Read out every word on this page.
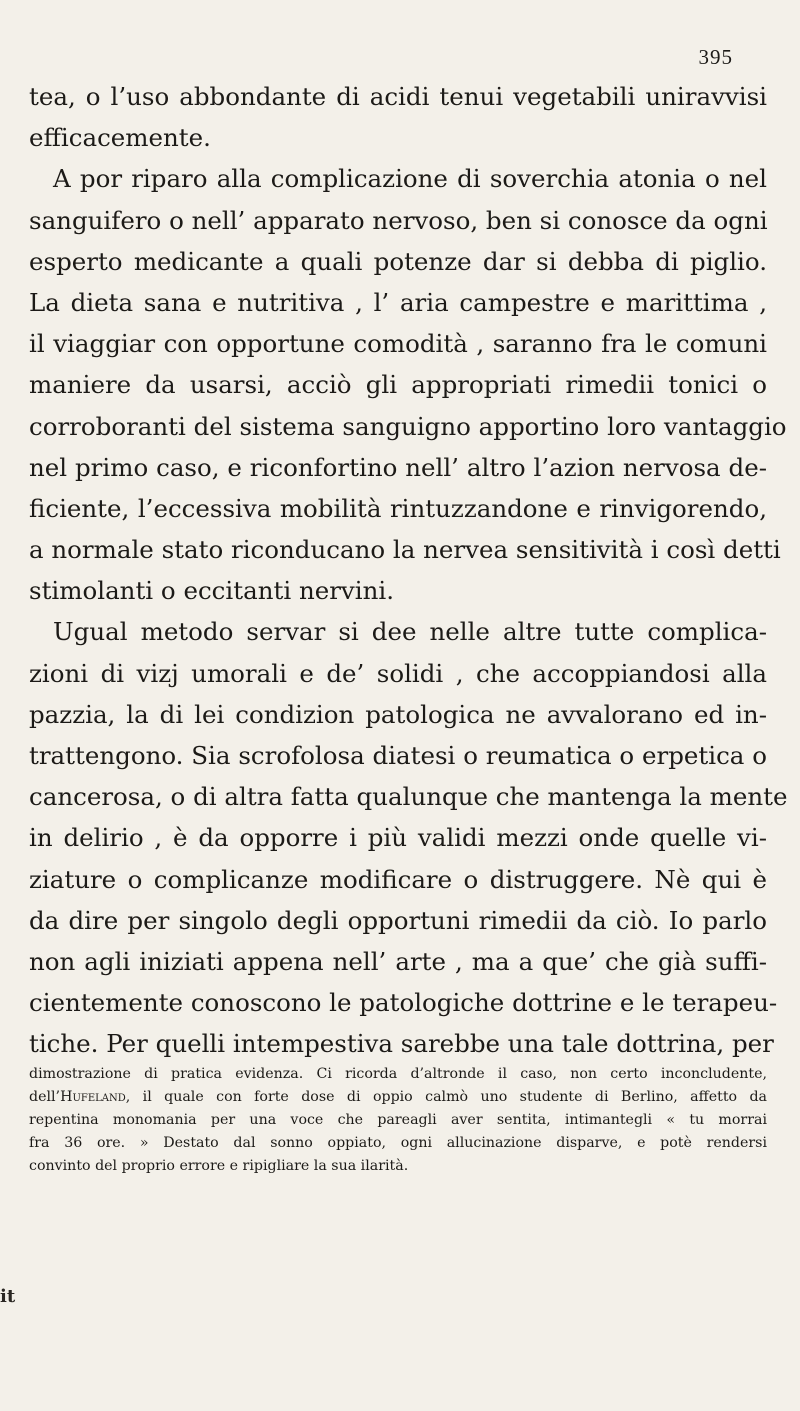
395
tea, o l’uso abbondante di acidi tenui vegetabili uniravvisi
efficacemente.
A por riparo alla complicazione di soverchia atonia o nel
sanguifero o nell’ apparato nervoso, ben si conosce da ogni
esperto medicante a quali potenze dar si debba di piglio.
La dieta sana e nutritiva , l’ aria campestre e marittima ,
il viaggiar con opportune comodità , saranno fra le comuni
maniere da usarsi, acciò gli appropriati rimedii tonici o
corroboranti del sistema sanguigno apportino loro vantaggio
nel primo caso, e riconfortino nell’ altro l’azion nervosa de-
ficiente, l’eccessiva mobilità rintuzzandone e rinvigorendo,
a normale stato riconducano la nervea sensitività i così detti
stimolanti o eccitanti nervini.
Ugual metodo servar si dee nelle altre tutte complica-
zioni di vizj umorali e de’ solidi , che accoppiandosi alla
pazzia, la di lei condizion patologica ne avvalorano ed in-
trattengono. Sia scrofolosa diatesi o reumatica o erpetica o
cancerosa, o di altra fatta qualunque che mantenga la mente
in delirio , è da opporre i più validi mezzi onde quelle vi-
ziature o complicanze modificare o distruggere. Nè qui è
da dire per singolo degli opportuni rimedii da ciò. Io parlo
non agli iniziati appena nell’ arte , ma a que’ che già suffi-
cientemente conoscono le patologiche dottrine e le terapeu-
tiche. Per quelli intempestiva sarebbe una tale dottrina, per
dimostrazione di pratica evidenza. Ci ricorda d’altronde il caso, non certo inconcludente,
dell’Hufeland, il quale con forte dose di oppio calmò uno studente di Berlino, affetto da
repentina monomania per una voce che pareagli aver sentita, intimantegli « tu morrai
fra 36 ore. » Destato dal sonno oppiato, ogni allucinazione disparve, e potè rendersi
convinto del proprio errore e ripigliare la sua ilarità.
it
